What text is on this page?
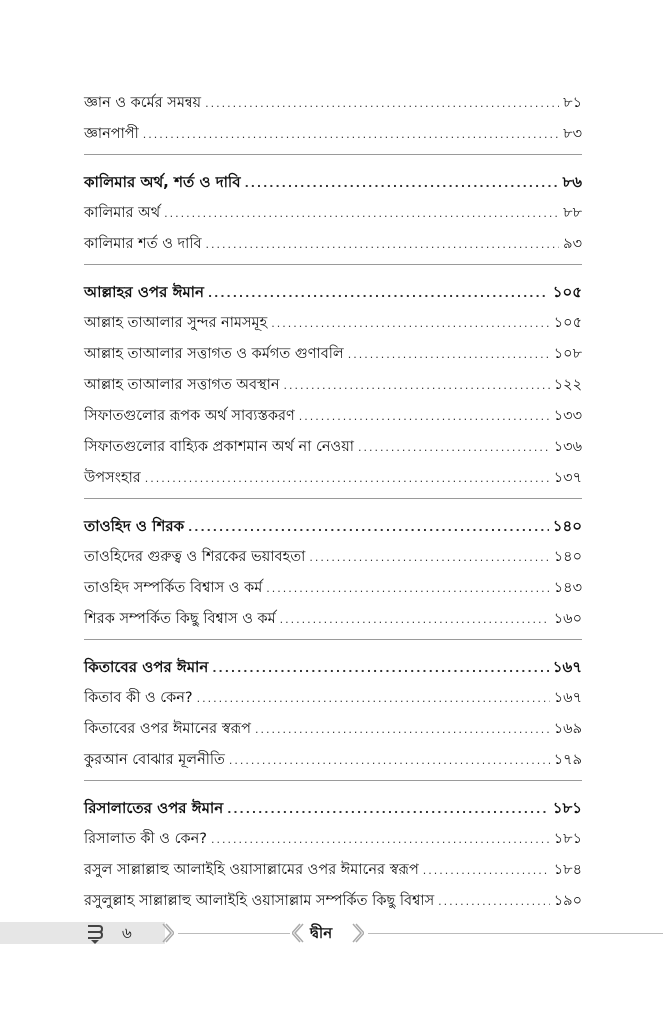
জ্ঞান ও কর্মের সমন্বয় .....	৮১
জ্ঞানপাপী .....	৮৩
কালিমার অর্থ, শর্ত ও দাবি .....	৮৬
কালিমার অর্থ .....	৮৮
কালিমার শর্ত ও দাবি .....	৯৩
আল্লাহর ওপর ঈমান .....	১০৫
আল্লাহ তাআলার সুন্দর নামসমূহ .....	১০৫
আল্লাহ তাআলার সত্তাগত ও কর্মগত গুণাবলি .....	১০৮
আল্লাহ তাআলার সত্তাগত অবস্থান .....	১২২
সিফাতগুলোর রূপক অর্থ সাব্যস্তকরণ .....	১৩৩
সিফাতগুলোর বাহ্যিক প্রকাশমান অর্থ না নেওয়া .....	১৩৬
উপসংহার .....	১৩৭
তাওহিদ ও শিরক .....	১৪০
তাওহিদের গুরুত্ব ও শিরকের ভয়াবহতা .....	১৪০
তাওহিদ সম্পর্কিত বিশ্বাস ও কর্ম .....	১৪৩
শিরক সম্পর্কিত কিছু বিশ্বাস ও কর্ম .....	১৬০
কিতাবের ওপর ঈমান .....	১৬৭
কিতাব কী ও কেন? .....	১৬৭
কিতাবের ওপর ঈমানের স্বরূপ .....	১৬৯
কুরআন বোঝার মূলনীতি .....	১৭৯
রিসালাতের ওপর ঈমান .....	১৮১
রিসালাত কী ও কেন? .....	১৮১
রসুল সাল্লাল্লাহু আলাইহি ওয়াসাল্লামের ওপর ঈমানের স্বরূপ .....	১৮৪
রসুলুল্লাহ সাল্লাল্লাহু আলাইহি ওয়াসাল্লাম সম্পর্কিত কিছু বিশ্বাস .....	১৯০
৬	দ্বীন
